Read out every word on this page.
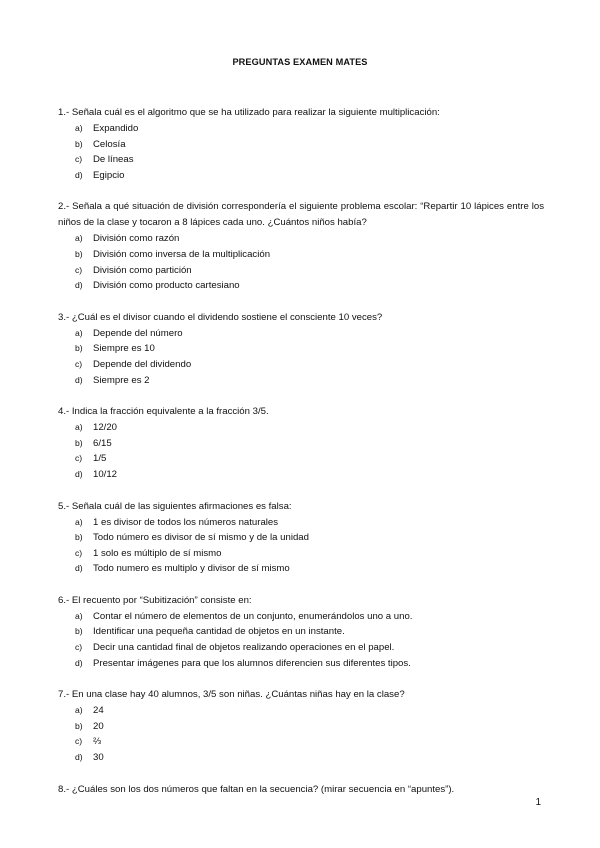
PREGUNTAS EXAMEN MATES

1.- Señala cuál es el algoritmo que se ha utilizado para realizar la siguiente multiplicación:

a)	Expandido
b)	Celosía
c)	De líneas
d)	Egipcio

2.- Señala a qué situación de división correspondería el siguiente problema escolar: “Repartir 10 lápices entre los niños de la clase y tocaron a 8 lápices cada uno. ¿Cuántos niños había?

a)	División como razón
b)	División como inversa de la multiplicación
c)	División como partición
d)	División como producto cartesiano

3.- ¿Cuál es el divisor cuando el dividendo sostiene el consciente 10 veces?

a)	Depende del número
b)	Siempre es 10
c)	Depende del dividendo
d)	Siempre es 2

4.- Indica la fracción equivalente a la fracción 3/5.

a)	12/20
b)	6/15
c)	1/5
d)	10/12

5.- Señala cuál de las siguientes afirmaciones es falsa:

a)	1 es divisor de todos los números naturales
b)	Todo número es divisor de sí mismo y de la unidad
c)	1 solo es múltiplo de sí mismo
d)	Todo numero es multiplo y divisor de sí mismo

6.- El recuento por “Subitización” consiste en:

a)	Contar el número de elementos de un conjunto, enumerándolos uno a uno.
b)	Identificar una pequeña cantidad de objetos en un instante.
c)	Decir una cantidad final de objetos realizando operaciones en el papel.
d)	Presentar imágenes para que los alumnos diferencien sus diferentes tipos.

7.- En una clase hay 40 alumnos, 3/5 son niñas. ¿Cuántas niñas hay en la clase?

a)	24
b)	20
c)	⅔
d)	30

8.- ¿Cuáles son los dos números que faltan en la secuencia? (mirar secuencia en “apuntes”).

1
